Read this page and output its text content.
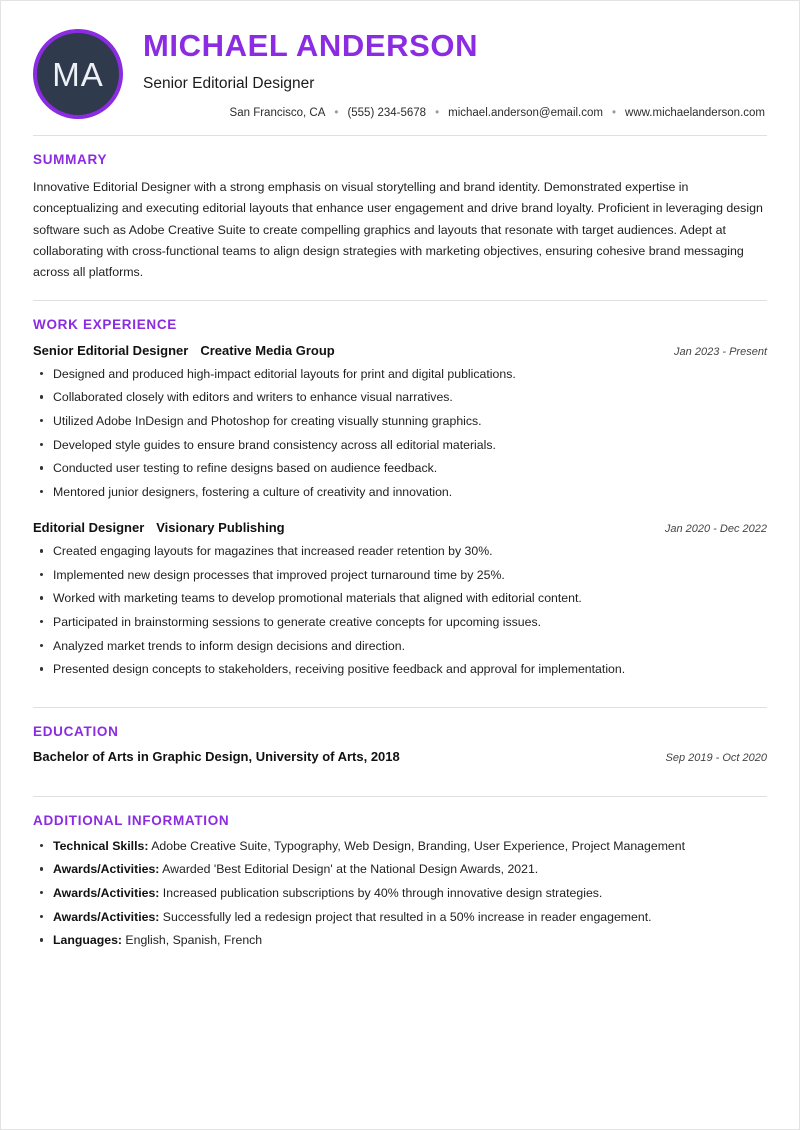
MA
MICHAEL ANDERSON
Senior Editorial Designer
San Francisco, CA • (555) 234-5678 • michael.anderson@email.com • www.michaelanderson.com
SUMMARY
Innovative Editorial Designer with a strong emphasis on visual storytelling and brand identity. Demonstrated expertise in conceptualizing and executing editorial layouts that enhance user engagement and drive brand loyalty. Proficient in leveraging design software such as Adobe Creative Suite to create compelling graphics and layouts that resonate with target audiences. Adept at collaborating with cross-functional teams to align design strategies with marketing objectives, ensuring cohesive brand messaging across all platforms.
WORK EXPERIENCE
Senior Editorial Designer Creative Media Group	Jan 2023 - Present
Designed and produced high-impact editorial layouts for print and digital publications.
Collaborated closely with editors and writers to enhance visual narratives.
Utilized Adobe InDesign and Photoshop for creating visually stunning graphics.
Developed style guides to ensure brand consistency across all editorial materials.
Conducted user testing to refine designs based on audience feedback.
Mentored junior designers, fostering a culture of creativity and innovation.
Editorial Designer Visionary Publishing	Jan 2020 - Dec 2022
Created engaging layouts for magazines that increased reader retention by 30%.
Implemented new design processes that improved project turnaround time by 25%.
Worked with marketing teams to develop promotional materials that aligned with editorial content.
Participated in brainstorming sessions to generate creative concepts for upcoming issues.
Analyzed market trends to inform design decisions and direction.
Presented design concepts to stakeholders, receiving positive feedback and approval for implementation.
EDUCATION
Bachelor of Arts in Graphic Design, University of Arts, 2018	Sep 2019 - Oct 2020
ADDITIONAL INFORMATION
Technical Skills: Adobe Creative Suite, Typography, Web Design, Branding, User Experience, Project Management
Awards/Activities: Awarded 'Best Editorial Design' at the National Design Awards, 2021.
Awards/Activities: Increased publication subscriptions by 40% through innovative design strategies.
Awards/Activities: Successfully led a redesign project that resulted in a 50% increase in reader engagement.
Languages: English, Spanish, French
